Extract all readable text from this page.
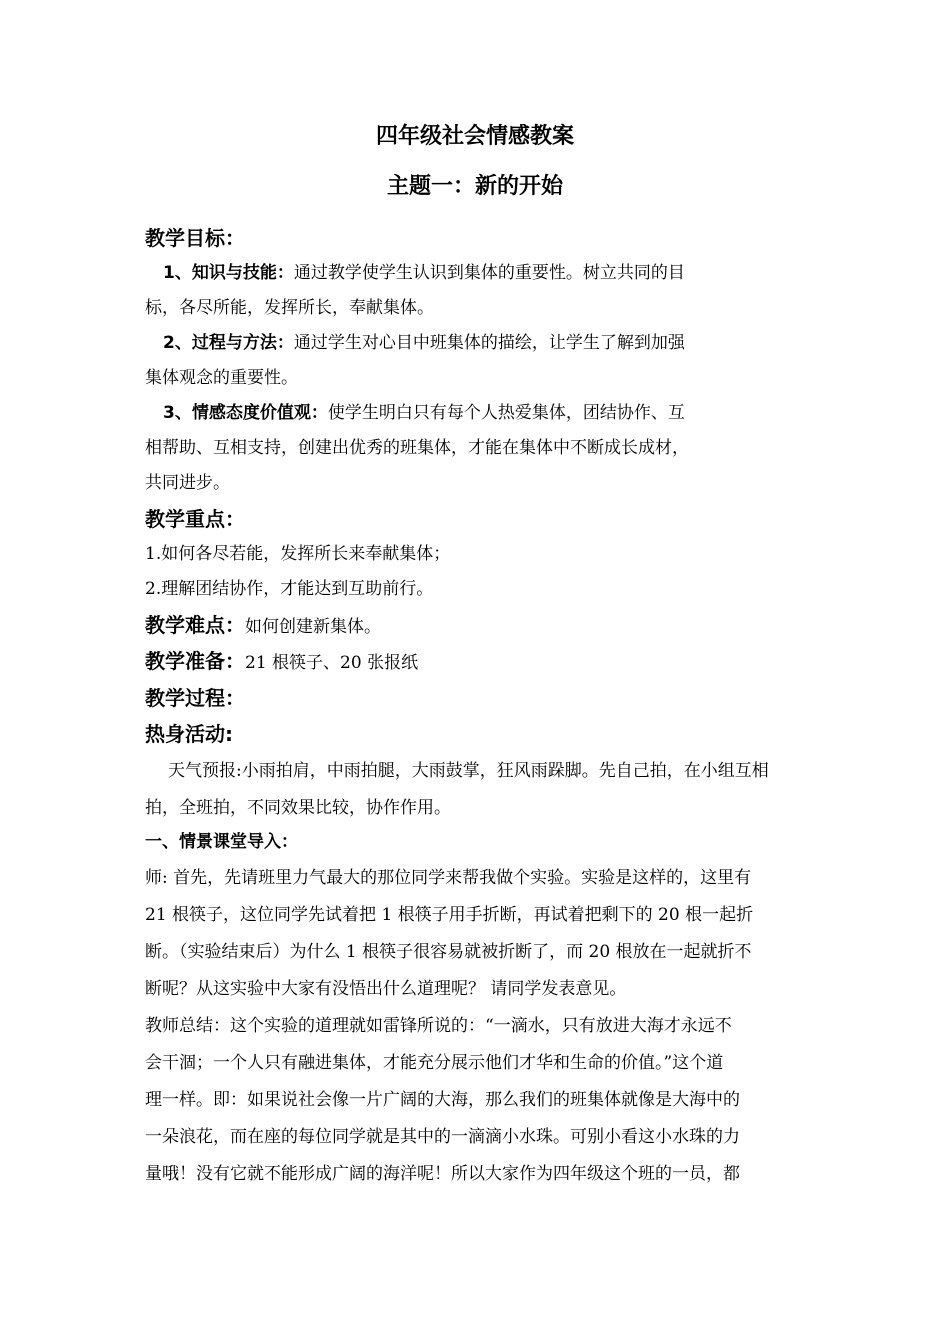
四年级社会情感教案
主题一：新的开始
教学目标：
1、知识与技能：通过教学使学生认识到集体的重要性。树立共同的目
标，各尽所能，发挥所长，奉献集体。
2、过程与方法：通过学生对心目中班集体的描绘，让学生了解到加强
集体观念的重要性。
3、情感态度价值观：使学生明白只有每个人热爱集体，团结协作、互
相帮助、互相支持，创建出优秀的班集体，才能在集体中不断成长成材，
共同进步。
教学重点：
1.如何各尽若能，发挥所长来奉献集体；
2.理解团结协作，才能达到互助前行。
教学难点：如何创建新集体。
教学准备：21 根筷子、20 张报纸
教学过程：
热身活动:
天气预报:小雨拍肩，中雨拍腿，大雨鼓掌，狂风雨跺脚。先自己拍，在小组互相
拍，全班拍，不同效果比较，协作作用。
一、情景课堂导入：
师: 首先，先请班里力气最大的那位同学来帮我做个实验。实验是这样的，这里有
21 根筷子，这位同学先试着把 1 根筷子用手折断，再试着把剩下的 20 根一起折
断。（实验结束后）为什么 1 根筷子很容易就被折断了，而 20 根放在一起就折不
断呢？从这实验中大家有没悟出什么道理呢？ 请同学发表意见。
教师总结：这个实验的道理就如雷锋所说的：“一滴水，只有放进大海才永远不
会干涸；一个人只有融进集体，才能充分展示他们才华和生命的价值。”这个道
理一样。即：如果说社会像一片广阔的大海，那么我们的班集体就像是大海中的
一朵浪花，而在座的每位同学就是其中的一滴滴小水珠。可别小看这小水珠的力
量哦！没有它就不能形成广阔的海洋呢！所以大家作为四年级这个班的一员，都
